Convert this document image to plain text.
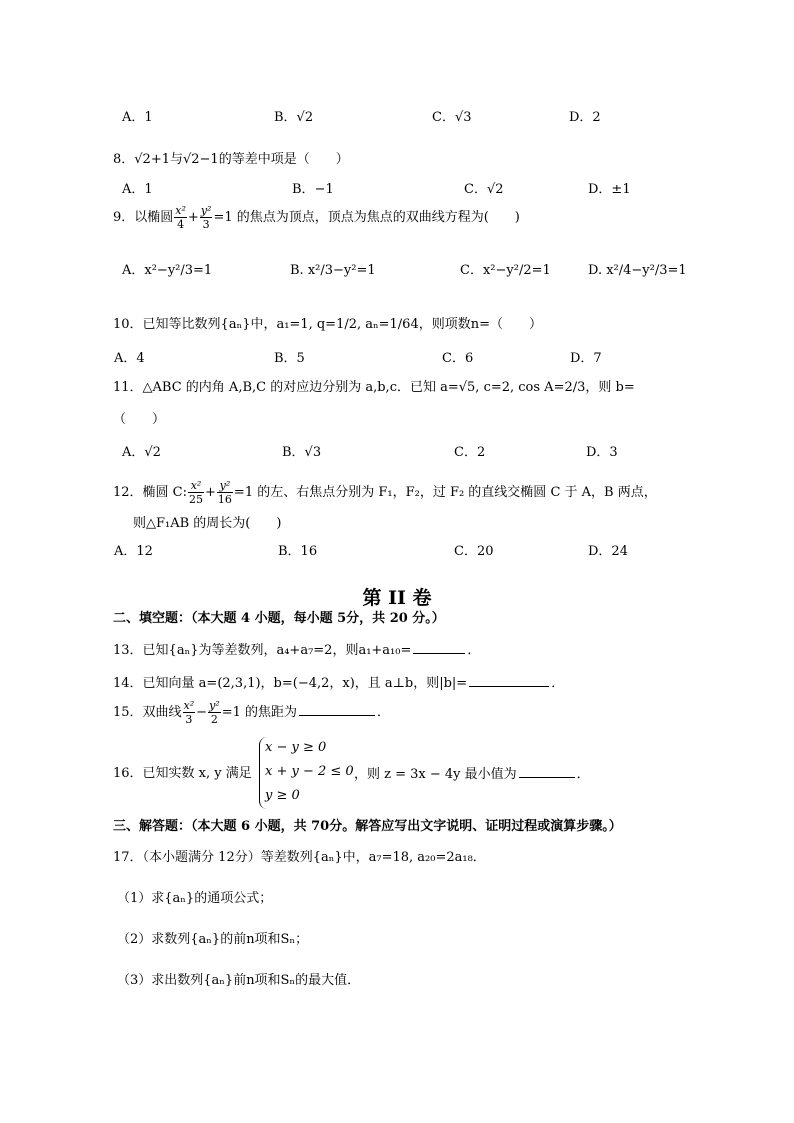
A．1	B．√2	C．√3	D．2
8．√2+1与√2−1的等差中项是（　　）
A．1	B．−1	C．√2	D．±1
9．以椭圆 $\frac{\text{x²}}{4} + \frac{\text{y²}}{3} =1$ 的焦点为顶点，顶点为焦点的双曲线方程为(　　)
A．x²−y²/3=1	B. x²/3−y²=1	C．x²−y²/2=1	D. x²/4−y²/3=1
10．已知等比数列{aₙ}中，a₁=1, q=1/2, aₙ=1/64，则项数n=（　　）
A．4	B．5	C．6	D．7
11．△ABC 的内角 A,B,C 的对应边分别为 a,b,c．已知 a=√5, c=2, cos A=2/3，则 b=
（　　）
A．√2	B．√3	C．2	D．3
12．椭圆 C: $\frac{\text{x²}}{25} + \frac{\text{y²}}{16} =1$ 的左、右焦点分别为 F₁，F₂，过 F₂ 的直线交椭圆 C 于 A，B 两点，
则△F₁AB 的周长为(　　)
A．12	B．16	C．20	D．24
第 II 卷
二、填空题：（本大题 4 小题，每小题 5分，共 20 分。）
13．已知{aₙ}为等差数列，a₄+a₇=2，则a₁+a₁₀=	．
14．已知向量 a=(2,3,1)，b=(−4,2，x)，且 a⊥b，则|b|=	．
15．双曲线 $\frac{\text{x²}}{3} - \frac{\text{y²}}{2} =1$ 的焦距为	．
16．已知实数 x, y 满足
x − y ≥ 0
x + y − 2 ≤ 0
y ≥ 0
，则 z = 3x − 4y 最小值为	．
三、解答题：（本大题 6 小题，共 70分。解答应写出文字说明、证明过程或演算步骤。）
17．（本小题满分 12分）等差数列{aₙ}中，a₇=18, a₂₀=2a₁₈．
（1）求{aₙ}的通项公式；
（2）求数列{aₙ}的前n项和Sₙ；
（3）求出数列{aₙ}前n项和Sₙ的最大值．
